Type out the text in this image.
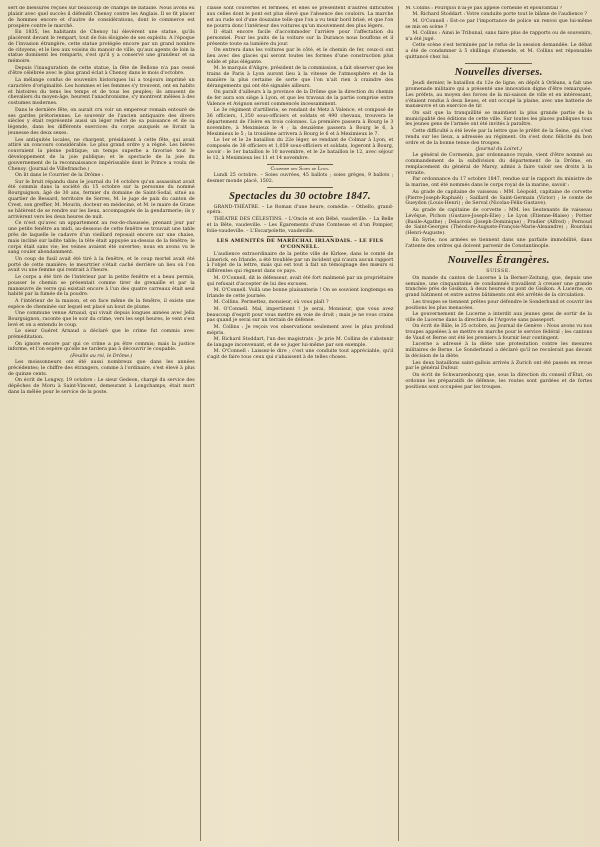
sert de blessures reçues sur beaucoup de champs de bataille. Nous avons eu plaisir avec quel succès il défendit Chenoy contre les Anglais. Il se fit placer de hommes encore et d'autre de considérations, dont le commerce est prospère contre le marché.

En 1835, les habitants de Chenoy lui élevèrent une statue, qu'ils placèrent devant le rempart, tout de fois éloignée de ses exploits. A l'époque de l'invasion étrangère, cette statue protégée encore par un grand nombre de citoyens; et le lieu aux voisins du manoir de ville, qu'aux agents de loin la statue dominent les remparts, s'est qu'il y a conservé une grandeur et sa mémoire.

Depuis l'inauguration de cette statue, la fête de Bellone n'a pas cessé d'être célébrée avec le plus grand éclat à Chenoy dans le mois d'octobre.

La mélange confus de souvenirs historiques lui a toujours imprimé un caractère d'originalité. Les hommes et les femmes s'y trouvent, ont en habits et histoires du tems les temps et de tous les peuples; ils amusent de chevaliers du moyen-âge, heurent l'anachronisme, s'y montrent mêlées à des costumes modernes.

Dans le dernière fête, on aurait cru voir un empereur romain entouré de ses gardes prétoriennes. Le souvenir de l'ancien antiquaire des divers siècles y était représenté aussi un léger reflet de sa puissance et de sa légende, dans les différents exercices du corps auxquels se livrait la jeunesse des deux sexes.

Les antiquités locales, ne chargent, présidaient à cette fête, qui avait attiré un concours considérable. Le plus grand ordre y a régné. Les bières couvraient la pleine politique; un temps superbe a favorisé tout le développement de la joie publique; et le spectacle de la joie du gouvernement de la reconnaissance impérissable dont le Prince a voulu de Chenoy. (Journal de Villefranche.)

On lit dans le Courrier de la Drôme :

Sur le bruit répandu dans le journal du 14 octobre qu'un assassinat avait été commis dans la société du 15 octobre sur la personne du nommé Bourguignon, âgé de 30 ans, fermier du domaine de Saint-Sodal, situé au quartier de Bessard, territoire de Serres, M. le juge de paix du canton de Crest, son greffier, M. Mourin, docteur en médecine, et M. le maire de Grane se hâtèrent de se rendre sur les lieux, accompagnés de la gendarmerie; ils y arrivèrent vers les deux heures de nuit.

Ce n'est qu'avec un appartement au rez-de-chaussée, prenant jour par une petite fenêtre au midi, au-dessous de cette fenêtre se trouvait une table près de laquelle le cadavre d'un vieillard reposait encore sur une chaise, mais incliné sur ladite table; la tête était appuyée au-dessus de la fenêtre; le corps était sans vie; les veines avaient été ouvertes; nous en avons vu le sang couler abondamment.

Un coup de fusil avait été tiré à la fenêtre, et le coup mortel avait été porté de cette manière; le meurtrier s'était caché derrière un lieu où l'on avait vu une femme qui rentrait à l'heure.

Le corps a été tiré de l'intérieur par la petite fenêtre et a beau permis, pousser le chemin se présentait comme tirer de grenaille et par la manœuvre de verre qui existait encore à l'un des quatre carreaux était seul habité par la fumée de la poudre.

A l'intérieur de la maison, et en face même de la fenêtre, il existe une espèce de cheminée sur lequel est placé un bout de plume.

Une commune venue Arnaud, qui vivait depuis longues années avec Jella Bourguignon, raconte que le soir du crime, vers les sept heures, le vent s'est levé et on a entendu le coup.

Le sieur Guéret Arnaud a déclaré que le crime fut commis avec préméditation.

On ignore encore par qui ce crime a pu être commis; mais la justice informe, et l'on espère qu'elle ne tardera pas à découvrir le coupable.

(Feuille au roi, le Drôme.)

Les moissonneurs ont été aussi nombreux que dans les années précédentes; le chiffre des étrangers, comme à l'ordinaire, s'est élevé à plus de quinze cents.

On écrit de Longwy, 19 octobre : Le sieur Gedeon, chargé du service des dépêches de Moru à Saint-Vincent, demeurant à Longchamps, était mort dans la mêlée pour le service de la poste.

classe sont couvertes et fermées, et elles se présentent d'autres difficultés aux celles dont le pont est plus élevé que l'absence des couloirs. La marche est au rude sol d'une douzaine telle que l'on a vu tenir bord brisé, et que l'on ne pourra donc l'intérieur des voitures qu'un mouvement des plus légers.

Il était encore facile d'accommoder l'arrière pour l'affectation du personnel. Pour les puits de la voiture sur la Durance nous bouffons et il présente toute sa lumière du jour.

On entrera dans les voitures par le côté, et le chemin de fer, ceux-ci ont lieu avec des glaces qui seront toutes les formes d'une construction plus solide et plus élégante.

M. le marquis d'Aligre, président de la commission, a fait observer que les trains de Paris à Lyon auront lieu à la vitesse de l'atmosphère et de la manière la plus certaine de sorte que l'on n'ait rien à craindre des dérangements qui ont été signalés ailleurs.

On paraît d'ailleurs à la province de la Drôme que la direction du chemin de fer aura son siège à Lyon, et que les travaux de la partie comprise entre Valence et Avignon seront commencés incessamment.

Le 3e régiment d'artillerie, se rendant de Metz à Valence, et composé de 36 officiers, 1,350 sous-officiers et soldats et 490 chevaux, trouvera le département de l'Isère en trois colonnes. La première passera à Bourg le 3 novembre, à Meximieux le 4 ; la deuxième passera à Bourg le 6, à Meximieux le 5 ; la troisième arrivera à Bourg le 6 et à Meximieux le 7.

Le 1er et le 2e bataillon du 22e léger, se rendant de Colmar à Lyon, et composés de 38 officiers et 1,059 sous-officiers et soldats, logeront à Bourg, savoir : le 1er bataillon le 10 novembre, et le 2e bataillon le 12, avec séjour le 12, à Meximieux les 11 et 14 novembre.

Courrier des Soies de Lyon.

Lundi 25 octobre. – Soies ouvrées, 45 ballots ; soies grèges, 9 ballots ; desmer monde placé, 1502.

Spectacles du 30 octobre 1847.

GRAND-THÉATRE. – Le Roman d'une heure, comédie. – Othello, grand-opéra.

THÉATRE DES CÉLESTINS. – L'Oncle et son Bébé, vaudeville. – La Belle et la Bête, vaudeville. – Les Égarements d'une Comtesse et d'un Pompier, folie-vaudeville. – L'Escarpolette, vaudeville.

LES AMÉNITÉS DE MARÉCHAL IRLANDAIS. – LE FILS O'CONNELL.

L'audience extraordinaire de la petite ville de Kirkee, dans le comté de Limerick, en Irlande, a été troublée par un incident qui n'aura aucun rapport à l'objet de la lettre, mais qui est tout à fait un témoignage des mœurs si différentes qui règnent dans ce pays.

M. O'Connell, dit le défenseur, avait été fort malmené par un propriétaire qui refusait d'accepter de lui des excuses.

M. O'Connell. Voilà une bonne plaisanterie ! On se souvient longtemps en Irlande de cette journée.

M. Collins. Permettez, monsieur, où vous plaît ?

M. O'Connell. Mal, impertinent ! Je serai, Monsieur, que vous avez beaucoup d'esprit pour vous mettre en voie de droit ; mais je ne vous crains pas quand je serai sur un terrain de défense.

M. Collins : Je reçois vos observations seulement avec le plus profond mépris.

M. Richard Stoddart, l'un des magistrats : Je prie M. Collins de s'abstenir de langage inconvenant, et de se juger lui-même par son exemple.

M. O'Connell : Laissez-le dire ; c'est une conduite tout appréciable, qu'il s'agit de faire tous ceux qui s'abaissent à de telles choses.

M. Collins : Pourquoi n'ai-je pas appelé corneille et épouvantail ?

M. Richard Stoddart : Votre conduite porte tout le blâme de l'audience ?

M. O'Connell : Est-ce par l'importance de police un renvoi que lui-même se mis en scène ?

M. Collins : Ainsi le Tribunal, sans faire plus de rapports ou de souvenirs, n'a été jugé.

Cette scène s'est terminée par le refus de la session demandée. Le débat a été de condamner à 5 shillings d'amende, et M. Collins est réponsable quittancé chez lui.

Nouvelles diverses.

Jeudi dernier, le bataillon du 12e de ligne, en dépôt à Orléans, a fait une promenade militaire qui a présenté une innovation digne d'être remarquée. Les préfets, au moyen des forces de la mi-saison de ville et en intéressant, s'étaient rendus à deux lieues, et ont occupé la plaine, avec une batterie de manœuvre et un exercice de tir.

On sait que la tranquillité se maintient la plus grande partie de la municipalité des éditions de cette ville. Sur toutes les places publiques tous les jeunes gens de l'armée ont été invités à paraître.

Cette difficulté a été levée par la lettre que le préfet de la Seine, qui s'est rendu sur les lieux, a adressée au régiment. On s'est donc félicité du bon ordre et de la bonne tenue des troupes.

(Journal du Loiret.)

Le général de Cormenin, par ordonnance royale, vient d'être nommé au commandement de la subdivision du département de la Drôme, en remplacement du général de Marsy, admis à faire valoir ses droits à la retraite.

Par ordonnance du 17 octobre 1847, rendue sur le rapport du ministre de la marine, ont été nommés dans le corps royal de la marine, savoir :

Au grade de capitaine de vaisseau : MM. Léopold, capitaine de corvette (Pierre-Joseph-Raphaël) ; Saillard de Saint-Germain (Victor) ; le comte de Gueydon (Louis-Henri) ; de Serval (Nicolas-Félix-Gustave).

Au grade de capitaine de corvette : MM. les lieutenants de vaisseau Lévêque, Pichon (Gustave-Joseph-Elie) ; Le Lyon (Étienne-Blaise) ; Pottier (Basile-Agathe) ; Delacroix (Joseph-Dominique) ; Pradier (Alfred) ; Pernoud de Saint-Georges (Théodore-Auguste-François-Marie-Alexandre) ; Bourdais (Henri-Auguste).

En Syrie, nos armées se tiennent dans une parfaite immobilité, dans l'attente des ordres qui doivent parvenir de Constantinople.

Nouvelles Étrangères.

SUISSE.

On mande du canton de Lucerne à la Berner-Zeitung, que, depuis une semaine, une cinquantaine de condamnés travaillent à creuser une grande tranchée près de Gisikon, à deux heures du pont de Gisikon. À Lucerne, on grand bâtiment et entre autres bâtiments ont été arrêtés de la circulation.

Les troupes se tiennent prêtes pour défendre le Sonderbund et couvrir les positions les plus menacées.

Le gouvernement de Lucerne a interdit aux jeunes gens de sortir de la ville de Lucerne dans la direction de l'Argovie sans passeport.

On écrit de Bâle, le 25 octobre, au Journal de Genève : Nous avons vu nos troupes appelées à se mettre en marche pour le service fédéral ; les cantons de Vaud et Berne ont été les premiers à fournir leur contingent.

Lucerne a adressé à la diète une protestation contre les mesures militaires de Berne. Le Sonderbund a déclaré qu'il ne reculerait pas devant la décision de la diète.

Les deux bataillons saint-gallois arrivés à Zurich ont été passés en revue par le général Dufour.

On écrit de Schwarzenbourg que, sous la direction du conseil d'État, on ordonne les préparatifs de défense, les routes sont gardées et de fortes positions sont occupées par les troupes.
